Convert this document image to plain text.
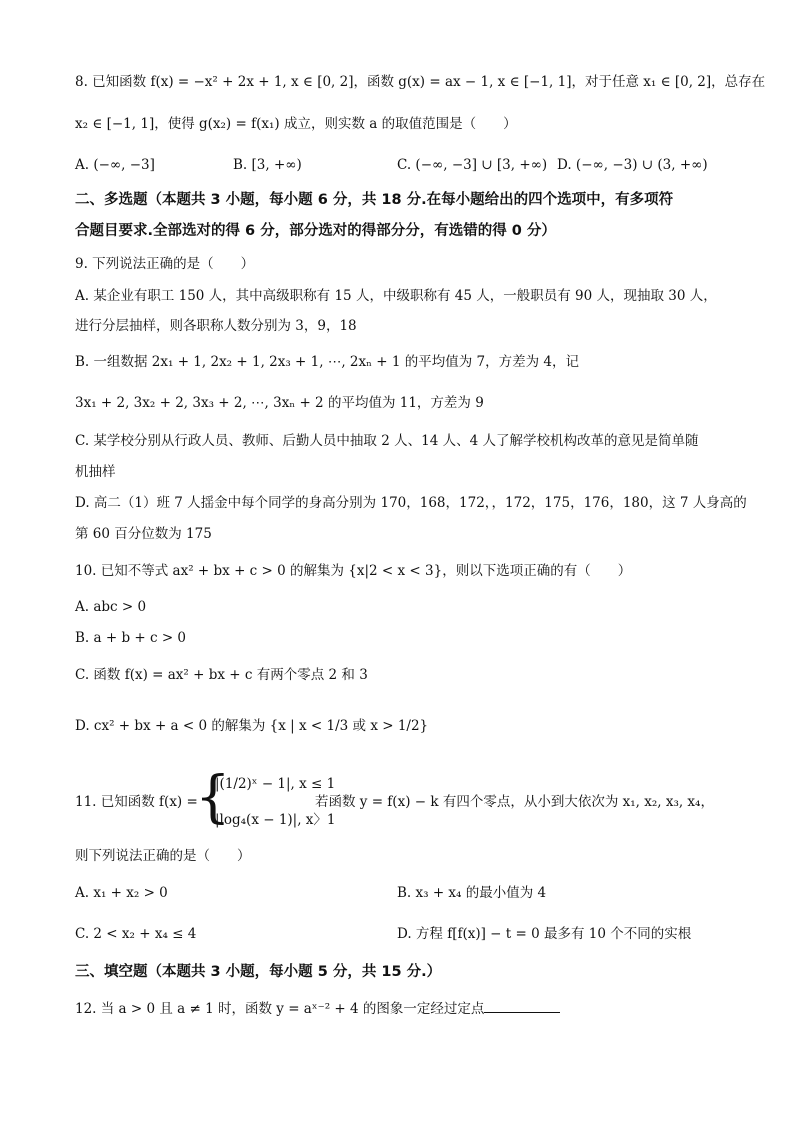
8. 已知函数 f(x) = −x² + 2x + 1, x ∈ [0, 2]，函数 g(x) = ax − 1, x ∈ [−1, 1]，对于任意 x₁ ∈ [0, 2]，总存在
x₂ ∈ [−1, 1]，使得 g(x₂) = f(x₁) 成立，则实数 a 的取值范围是（　　）
A. (−∞, −3]	B. [3, +∞)	C. (−∞, −3] ∪ [3, +∞) D. (−∞, −3) ∪ (3, +∞)
二、多选题（本题共 3 小题，每小题 6 分，共 18 分.在每小题给出的四个选项中，有多项符
合题目要求.全部选对的得 6 分，部分选对的得部分分，有选错的得 0 分）
9. 下列说法正确的是（　　）
A. 某企业有职工 150 人，其中高级职称有 15 人，中级职称有 45 人，一般职员有 90 人，现抽取 30 人，
进行分层抽样，则各职称人数分别为 3，9，18
B. 一组数据 2x₁ + 1, 2x₂ + 1, 2x₃ + 1, ⋯, 2xₙ + 1 的平均值为 7，方差为 4，记
3x₁ + 2, 3x₂ + 2, 3x₃ + 2, ⋯, 3xₙ + 2 的平均值为 11，方差为 9
C. 某学校分别从行政人员、教师、后勤人员中抽取 2 人、14 人、4 人了解学校机构改革的意见是简单随
机抽样
D. 高二（1）班 7 人揺金中每个同学的身高分别为 170，168，172，，172，175，176，180，这 7 人身高的
第 60 百分位数为 175
10. 已知不等式 ax² + bx + c > 0 的解集为 {x|2 < x < 3}，则以下选项正确的有（　　）
A. abc > 0
B. a + b + c > 0
C. 函数 f(x) = ax² + bx + c 有两个零点 2 和 3
D. cx² + bx + a < 0 的解集为 {x | x < 1/3 或 x > 1/2}
11. 已知函数 f(x) =
{
|(1/2)ˣ − 1|, x ≤ 1
|log₄(x − 1)|, x〉1
若函数 y = f(x) − k 有四个零点，从小到大依次为 x₁, x₂, x₃, x₄，
则下列说法正确的是（　　）
A. x₁ + x₂ > 0	B. x₃ + x₄ 的最小值为 4
C. 2 < x₂ + x₄ ≤ 4	D. 方程 f[f(x)] − t = 0 最多有 10 个不同的实根
三、填空题（本题共 3 小题，每小题 5 分，共 15 分.）
12. 当 a > 0 且 a ≠ 1 时，函数 y = aˣ⁻² + 4 的图象一定经过定点
